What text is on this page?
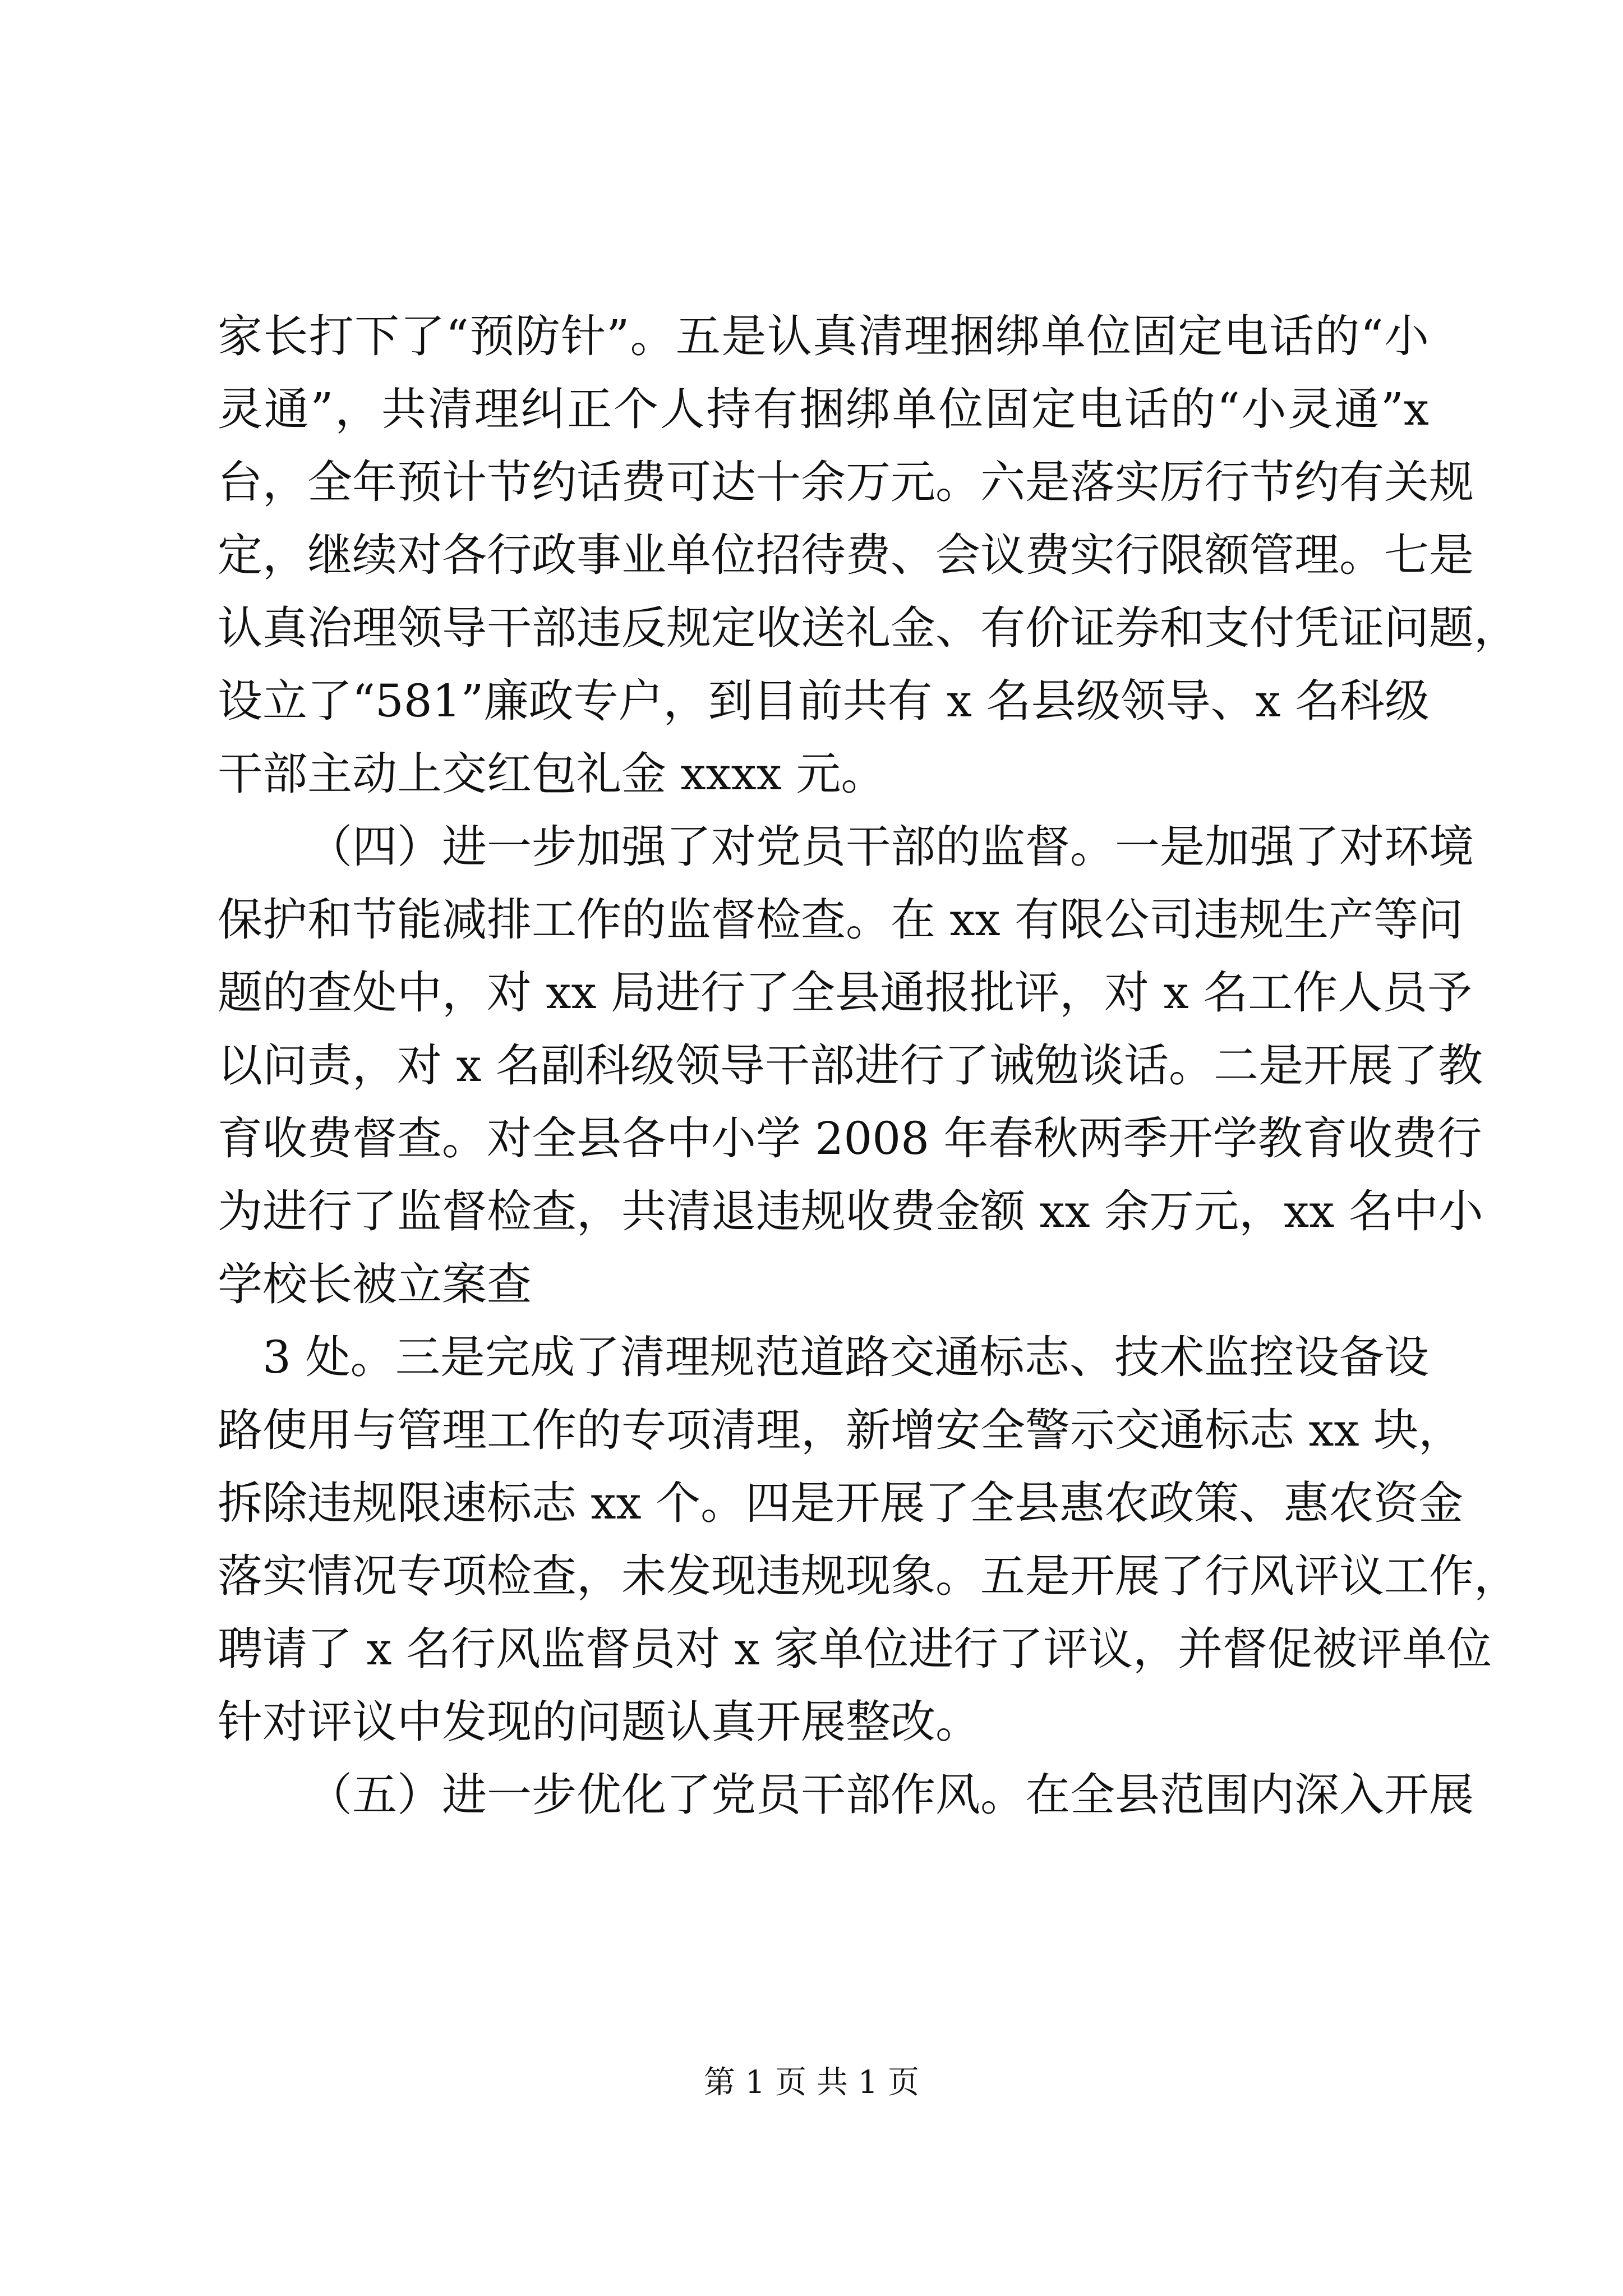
家长打下了“预防针”。五是认真清理捆绑单位固定电话的“小
灵通”，共清理纠正个人持有捆绑单位固定电话的“小灵通”x
台，全年预计节约话费可达十余万元。六是落实厉行节约有关规
定，继续对各行政事业单位招待费、会议费实行限额管理。七是
认真治理领导干部违反规定收送礼金、有价证券和支付凭证问题，
设立了“581”廉政专户，到目前共有 x 名县级领导、x 名科级
干部主动上交红包礼金 xxxx 元。
（四）进一步加强了对党员干部的监督。一是加强了对环境
保护和节能减排工作的监督检查。在 xx 有限公司违规生产等问
题的查处中，对 xx 局进行了全县通报批评，对 x 名工作人员予
以问责，对 x 名副科级领导干部进行了诫勉谈话。二是开展了教
育收费督查。对全县各中小学 2008 年春秋两季开学教育收费行
为进行了监督检查，共清退违规收费金额 xx 余万元，xx 名中小
学校长被立案查
3 处。三是完成了清理规范道路交通标志、技术监控设备设
路使用与管理工作的专项清理，新增安全警示交通标志 xx 块，
拆除违规限速标志 xx 个。四是开展了全县惠农政策、惠农资金
落实情况专项检查，未发现违规现象。五是开展了行风评议工作，
聘请了 x 名行风监督员对 x 家单位进行了评议，并督促被评单位
针对评议中发现的问题认真开展整改。
（五）进一步优化了党员干部作风。在全县范围内深入开展
第 1 页 共 1 页
